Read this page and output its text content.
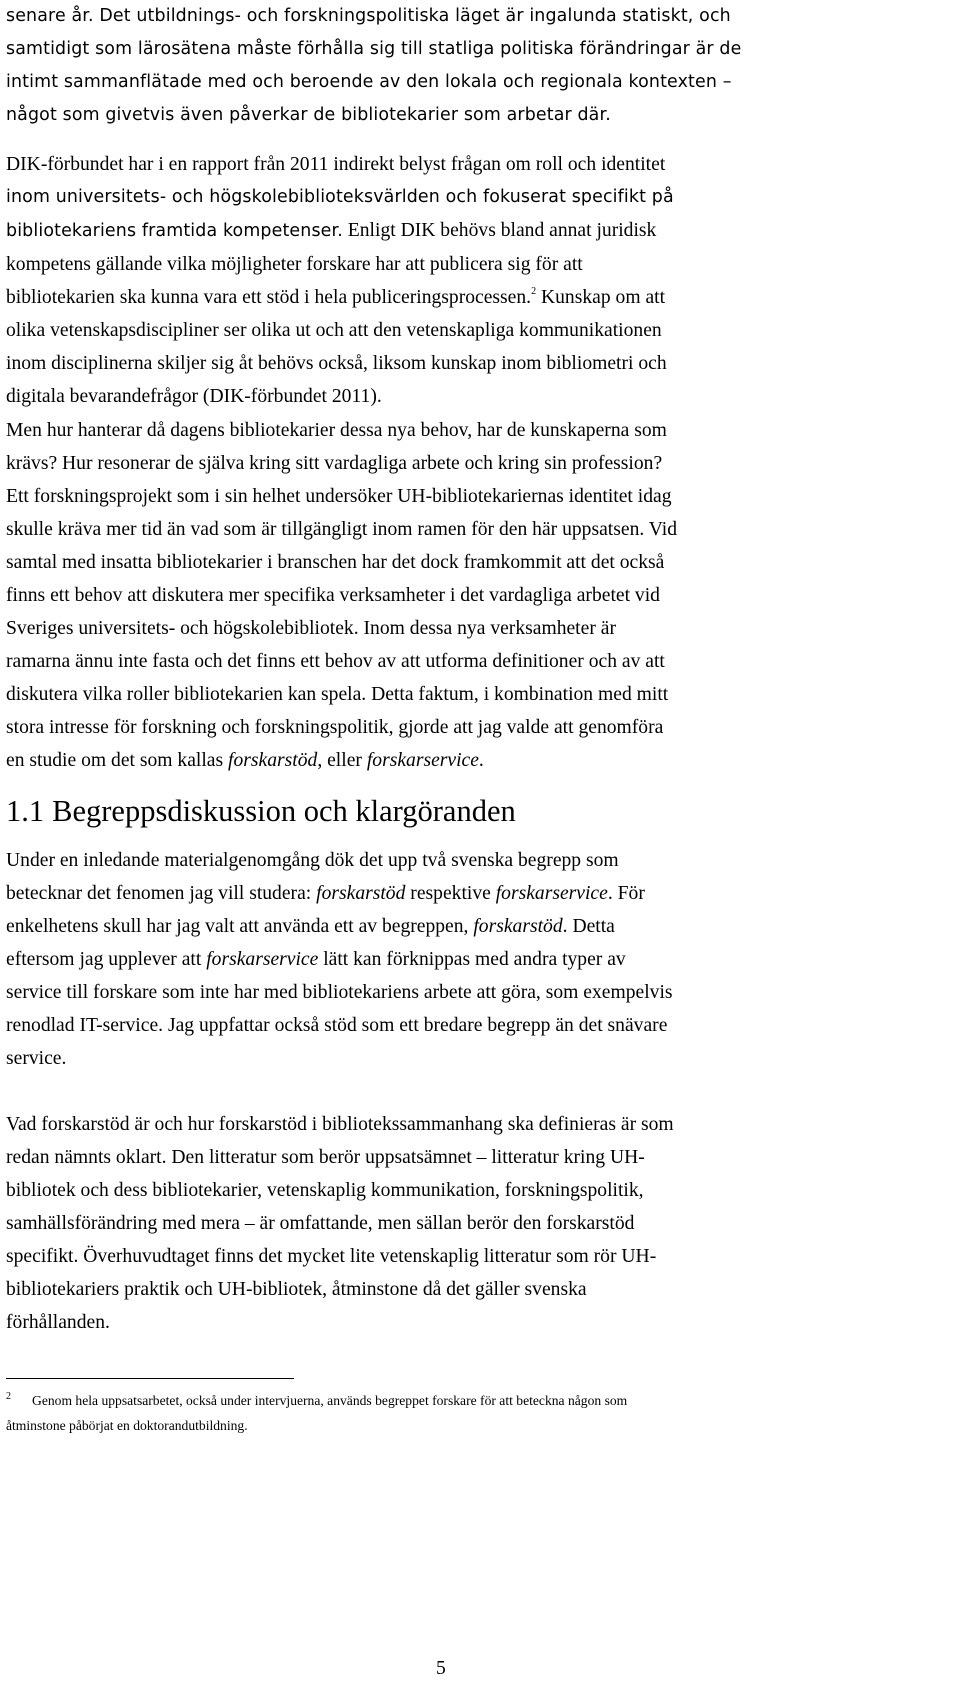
senare år. Det utbildnings- och forskningspolitiska läget är ingalunda statiskt, och
samtidigt som lärosätena måste förhålla sig till statliga politiska förändringar är de
intimt sammanflätade med och beroende av den lokala och regionala kontexten –
något som givetvis även påverkar de bibliotekarier som arbetar där.
DIK-förbundet har i en rapport från 2011 indirekt belyst frågan om roll och identitet
inom universitets- och högskolebiblioteksvärlden och fokuserat specifikt på
bibliotekariens framtida kompetenser. Enligt DIK behövs bland annat juridisk
kompetens gällande vilka möjligheter forskare har att publicera sig för att
bibliotekarien ska kunna vara ett stöd i hela publiceringsprocessen.$^2$ Kunskap om att
olika vetenskapsdiscipliner ser olika ut och att den vetenskapliga kommunikationen
inom disciplinerna skiljer sig åt behövs också, liksom kunskap inom bibliometri och
digitala bevarandefrågor (DIK-förbundet 2011).
Men hur hanterar då dagens bibliotekarier dessa nya behov, har de kunskaperna som
krävs? Hur resonerar de själva kring sitt vardagliga arbete och kring sin profession?
Ett forskningsprojekt som i sin helhet undersöker UH-bibliotekariernas identitet idag
skulle kräva mer tid än vad som är tillgängligt inom ramen för den här uppsatsen. Vid
samtal med insatta bibliotekarier i branschen har det dock framkommit att det också
finns ett behov att diskutera mer specifika verksamheter i det vardagliga arbetet vid
Sveriges universitets- och högskolebibliotek. Inom dessa nya verksamheter är
ramarna ännu inte fasta och det finns ett behov av att utforma definitioner och av att
diskutera vilka roller bibliotekarien kan spela. Detta faktum, i kombination med mitt
stora intresse för forskning och forskningspolitik, gjorde att jag valde att genomföra
en studie om det som kallas forskarstöd, eller forskarservice.
1.1 Begreppsdiskussion och klargöranden
Under en inledande materialgenomgång dök det upp två svenska begrepp som
betecknar det fenomen jag vill studera: forskarstöd respektive forskarservice. För
enkelhetens skull har jag valt att använda ett av begreppen, forskarstöd. Detta
eftersom jag upplever att forskarservice lätt kan förknippas med andra typer av
service till forskare som inte har med bibliotekariens arbete att göra, som exempelvis
renodlad IT-service. Jag uppfattar också stöd som ett bredare begrepp än det snävare
service.
Vad forskarstöd är och hur forskarstöd i bibliotekssammanhang ska definieras är som
redan nämnts oklart. Den litteratur som berör uppsatsämnet – litteratur kring UH-
bibliotek och dess bibliotekarier, vetenskaplig kommunikation, forskningspolitik,
samhällsförändring med mera – är omfattande, men sällan berör den forskarstöd
specifikt. Överhuvudtaget finns det mycket lite vetenskaplig litteratur som rör UH-
bibliotekariers praktik och UH-bibliotek, åtminstone då det gäller svenska
förhållanden.
2 Genom hela uppsatsarbetet, också under intervjuerna, används begreppet forskare för att beteckna någon som
åtminstone påbörjat en doktorandutbildning.
5
